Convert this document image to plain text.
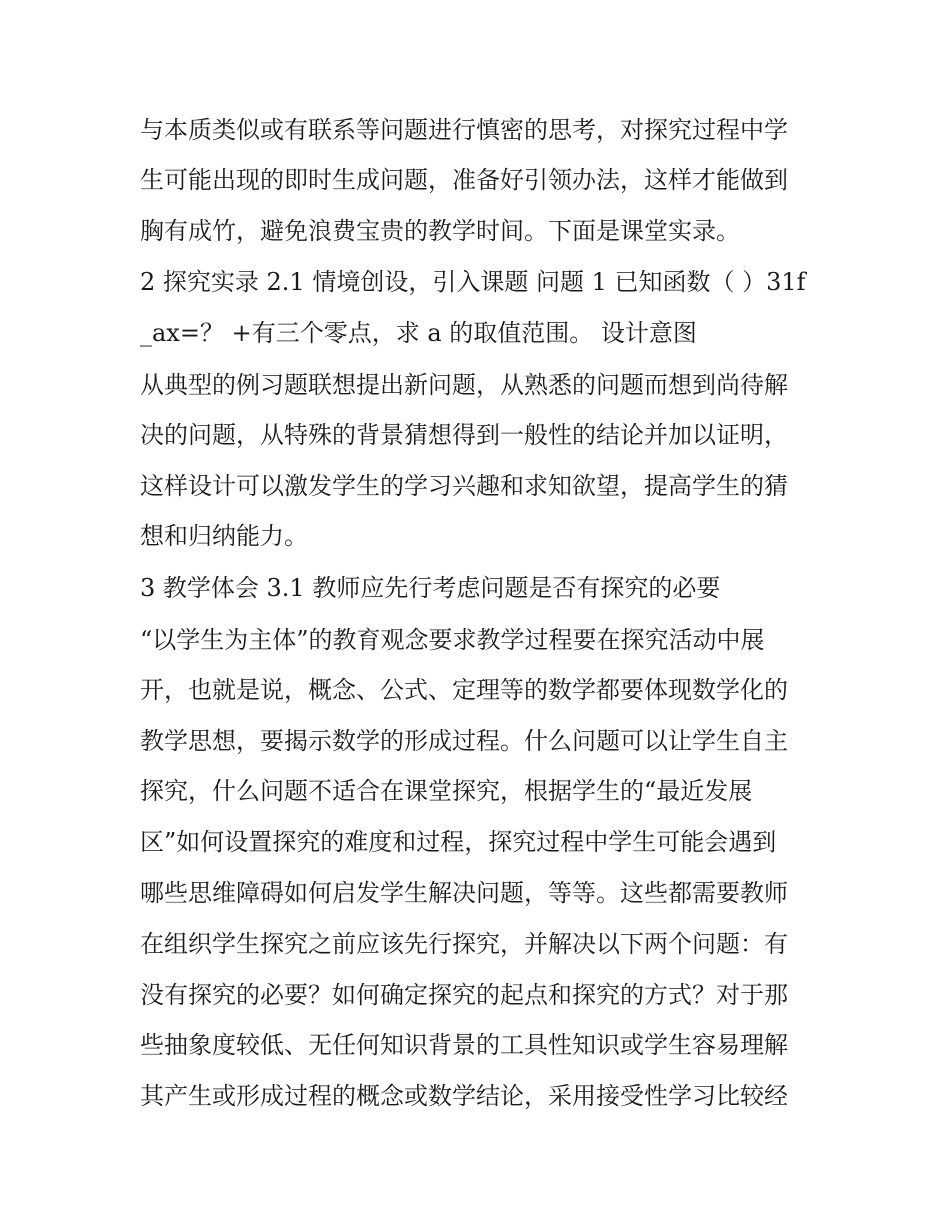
与本质类似或有联系等问题进行慎密的思考，对探究过程中学
生可能出现的即时生成问题，准备好引领办法，这样才能做到
胸有成竹，避免浪费宝贵的教学时间。下面是课堂实录。
2 探究实录 2.1 情境创设，引入课题 问题 1 已知函数（ ）31f
_ax=？ +有三个零点，求 a 的取值范围。 设计意图
从典型的例习题联想提出新问题，从熟悉的问题而想到尚待解
决的问题，从特殊的背景猜想得到一般性的结论并加以证明，
这样设计可以激发学生的学习兴趣和求知欲望，提高学生的猜
想和归纳能力。
3 教学体会 3.1 教师应先行考虑问题是否有探究的必要
“以学生为主体”的教育观念要求教学过程要在探究活动中展
开，也就是说，概念、公式、定理等的数学都要体现数学化的
教学思想，要揭示数学的形成过程。什么问题可以让学生自主
探究，什么问题不适合在课堂探究，根据学生的“最近发展
区”如何设置探究的难度和过程，探究过程中学生可能会遇到
哪些思维障碍如何启发学生解决问题，等等。这些都需要教师
在组织学生探究之前应该先行探究，并解决以下两个问题：有
没有探究的必要？如何确定探究的起点和探究的方式？对于那
些抽象度较低、无任何知识背景的工具性知识或学生容易理解
其产生或形成过程的概念或数学结论，采用接受性学习比较经
